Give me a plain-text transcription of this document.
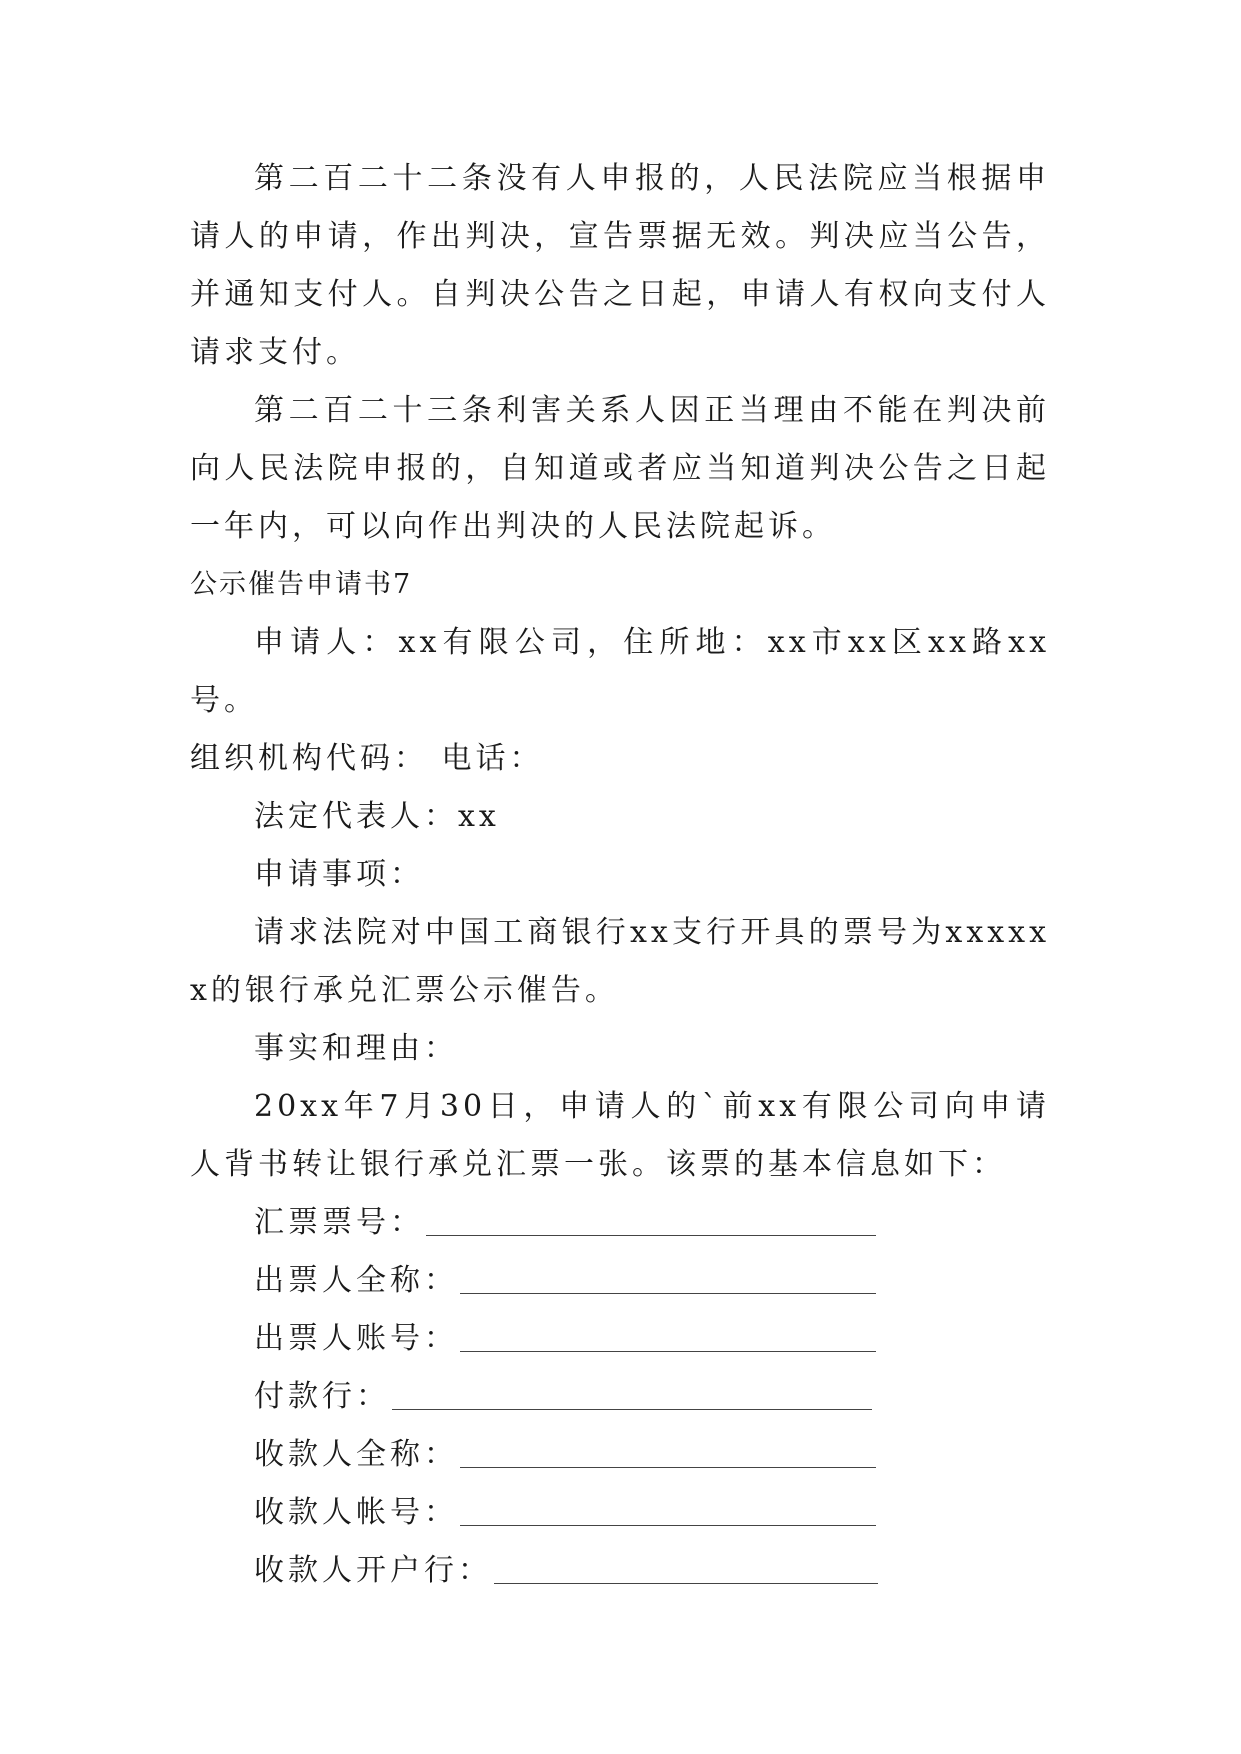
第二百二十二条没有人申报的，人民法院应当根据申请人的申请，作出判决，宣告票据无效。判决应当公告，并通知支付人。自判决公告之日起，申请人有权向支付人请求支付。

第二百二十三条利害关系人因正当理由不能在判决前向人民法院申报的，自知道或者应当知道判决公告之日起一年内，可以向作出判决的人民法院起诉。

公示催告申请书7

申请人：xx有限公司，住所地：xx市xx区xx路xx号。
组织机构代码： 电话：

法定代表人：xx

申请事项：

请求法院对中国工商银行xx支行开具的票号为xxxxxx的银行承兑汇票公示催告。

事实和理由：

20xx年7月30日，申请人的`前xx有限公司向申请人背书转让银行承兑汇票一张。该票的基本信息如下：

汇票票号：
出票人全称：
出票人账号：
付款行：
收款人全称：
收款人帐号：
收款人开户行：
